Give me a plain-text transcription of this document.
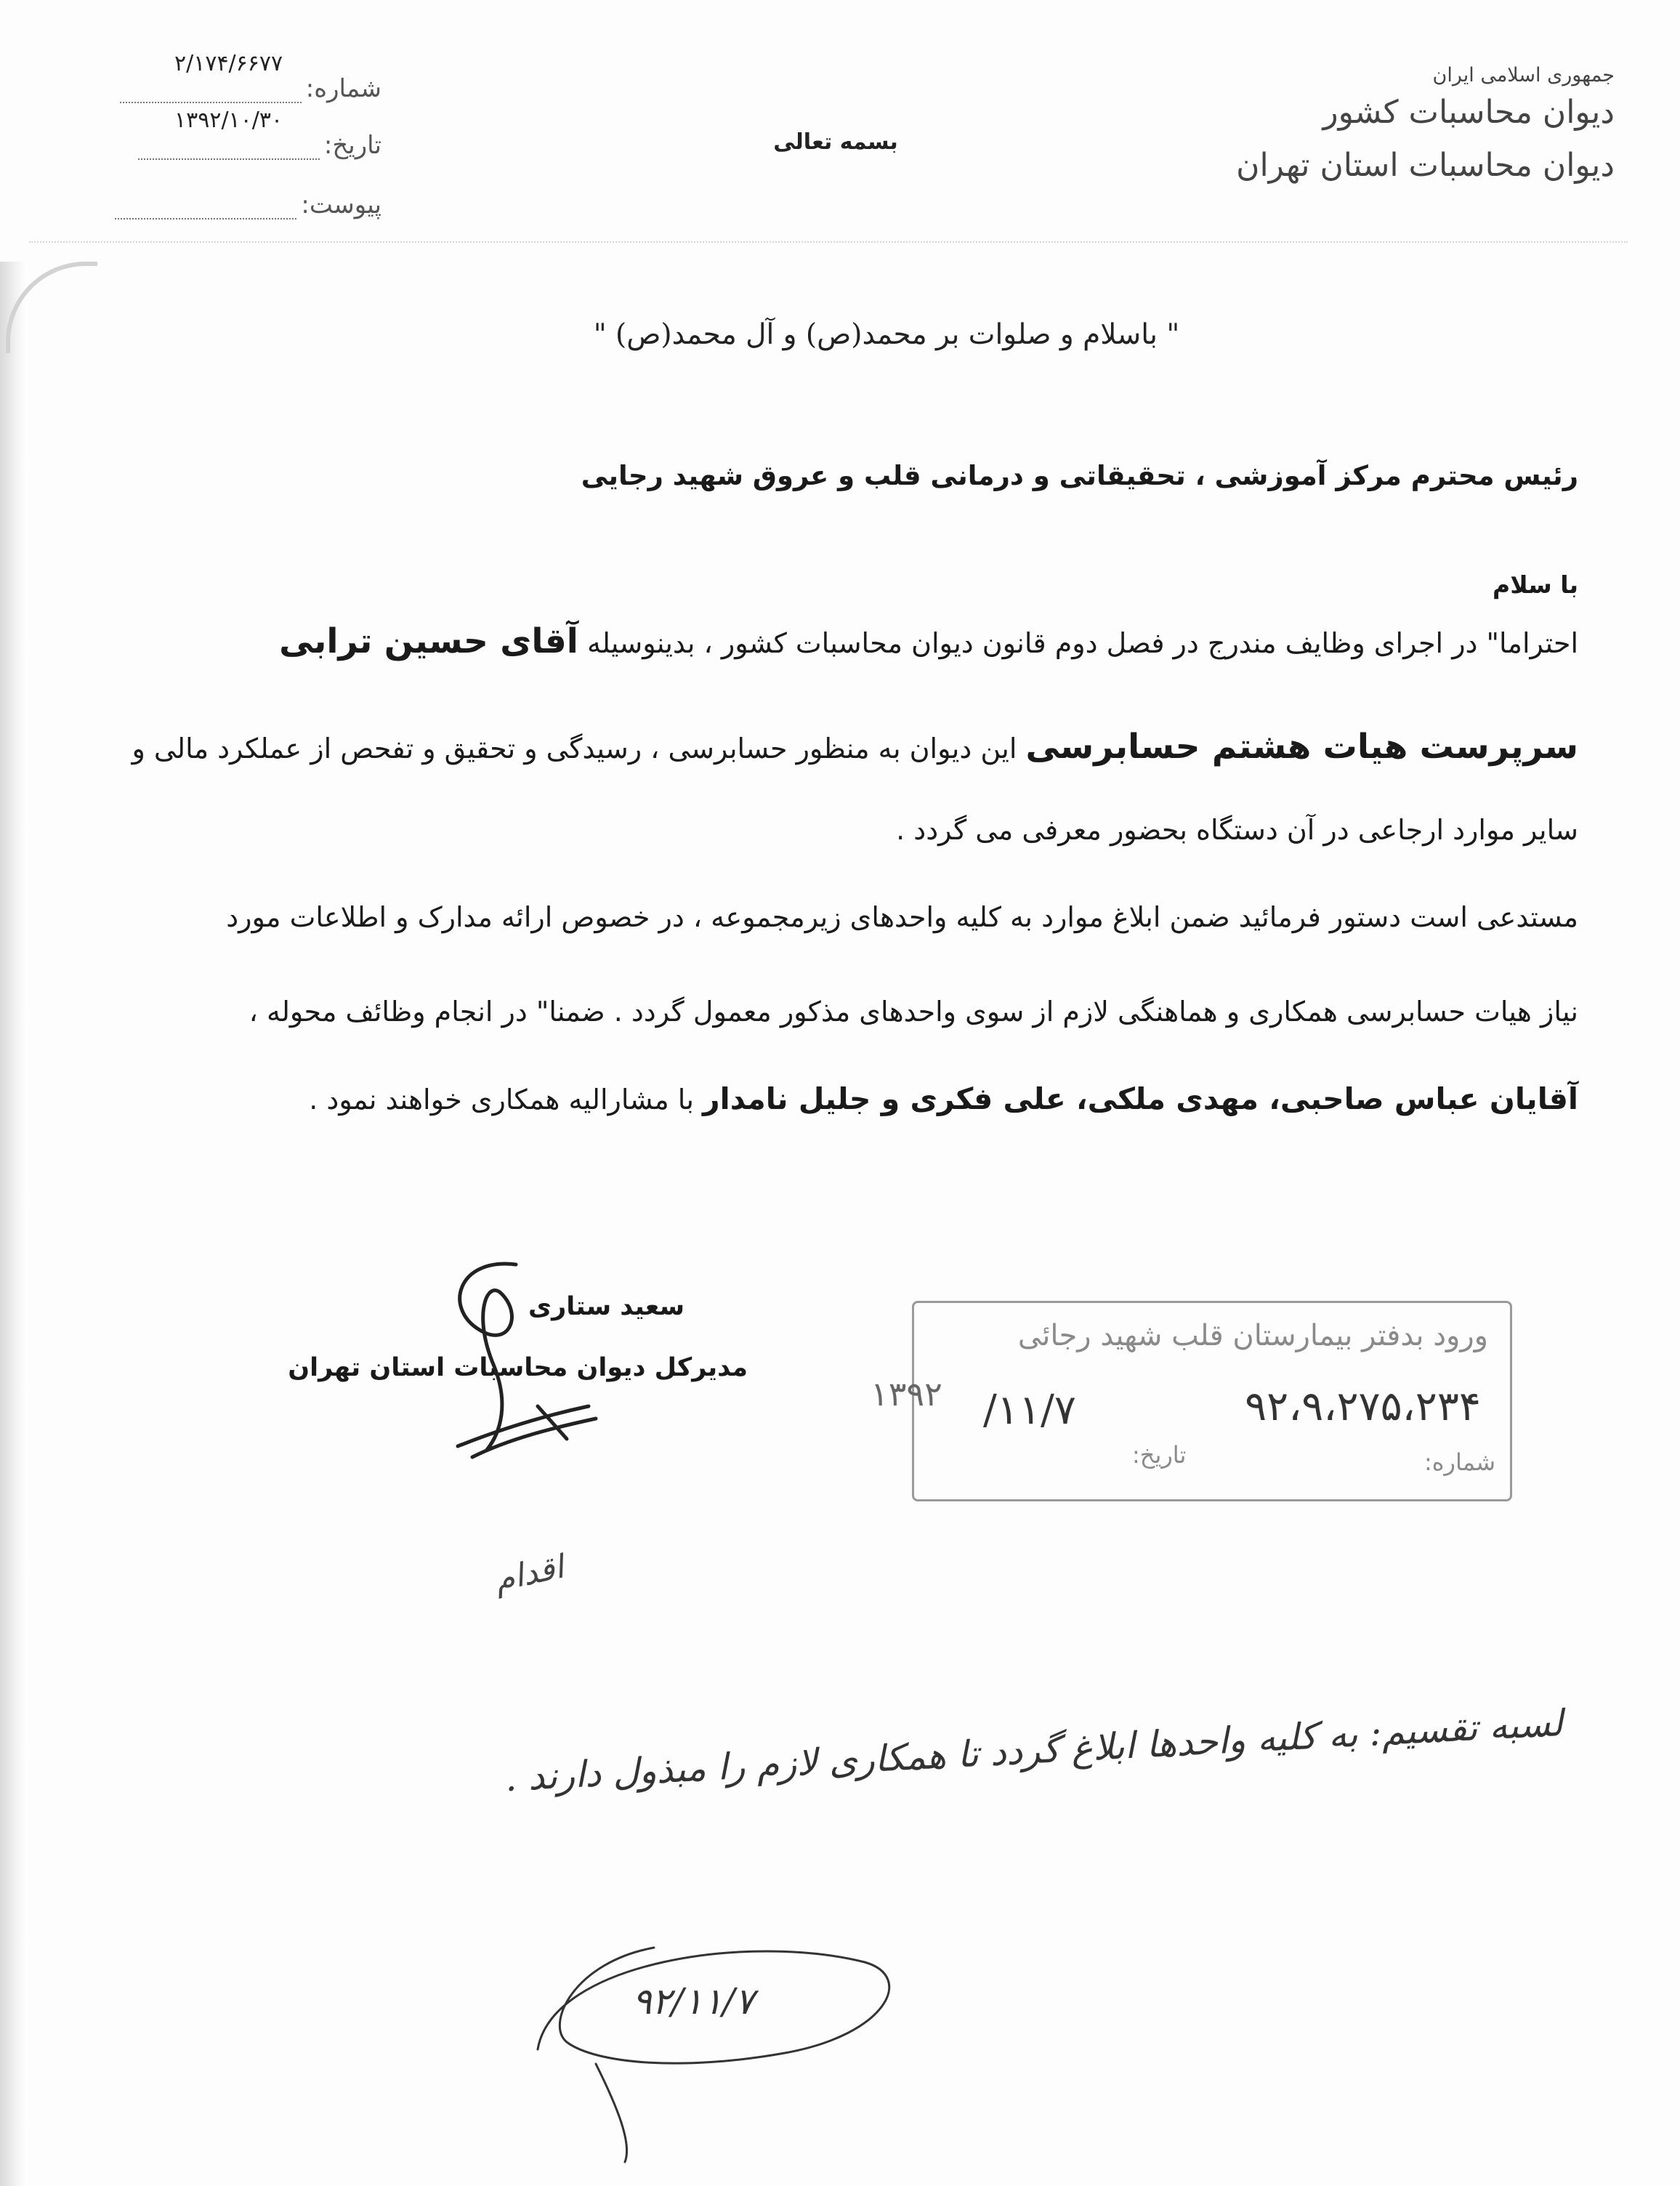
جمهوری اسلامی ایران
دیوان محاسبات کشور
دیوان محاسبات استان تهران
بسمه تعالی
۲/۱۷۴/۶۶۷۷
شماره:
۱۳۹۲/۱۰/۳۰
تاریخ:
پیوست:
" باسلام و صلوات بر محمد(ص) و آل محمد(ص) "
رئیس محترم مرکز آموزشی ، تحقیقاتی و درمانی قلب و عروق شهید رجایی
با سلام
احتراما" در اجرای وظایف مندرج در فصل دوم قانون دیوان محاسبات کشور ، بدینوسیله آقای حسین ترابی
سرپرست هیات هشتم حسابرسی این دیوان به منظور حسابرسی ، رسیدگی و تحقیق و تفحص از عملکرد مالی و
سایر موارد ارجاعی در آن دستگاه بحضور معرفی می گردد .
مستدعی است دستور فرمائید ضمن ابلاغ موارد به کلیه واحدهای زیرمجموعه ، در خصوص ارائه مدارک و اطلاعات مورد
نیاز هیات حسابرسی همکاری و هماهنگی لازم از سوی واحدهای مذکور معمول گردد . ضمنا" در انجام وظائف محوله ،
آقایان عباس صاحبی، مهدی ملکی، علی فکری و جلیل نامدار با مشارالیه همکاری خواهند نمود .
سعید ستاری
مدیرکل دیوان محاسبات استان تهران
ورود بدفتر بیمارستان قلب شهید رجائی
۹۲،۹،۲۷۵،۲۳۴
/۱۱/۷
۱۳۹۲
شماره:
تاریخ:
اقدام
لسبه تقسیم: به کلیه واحدها ابلاغ گردد تا همکاری لازم را مبذول دارند .
۹۲/۱۱/۷
